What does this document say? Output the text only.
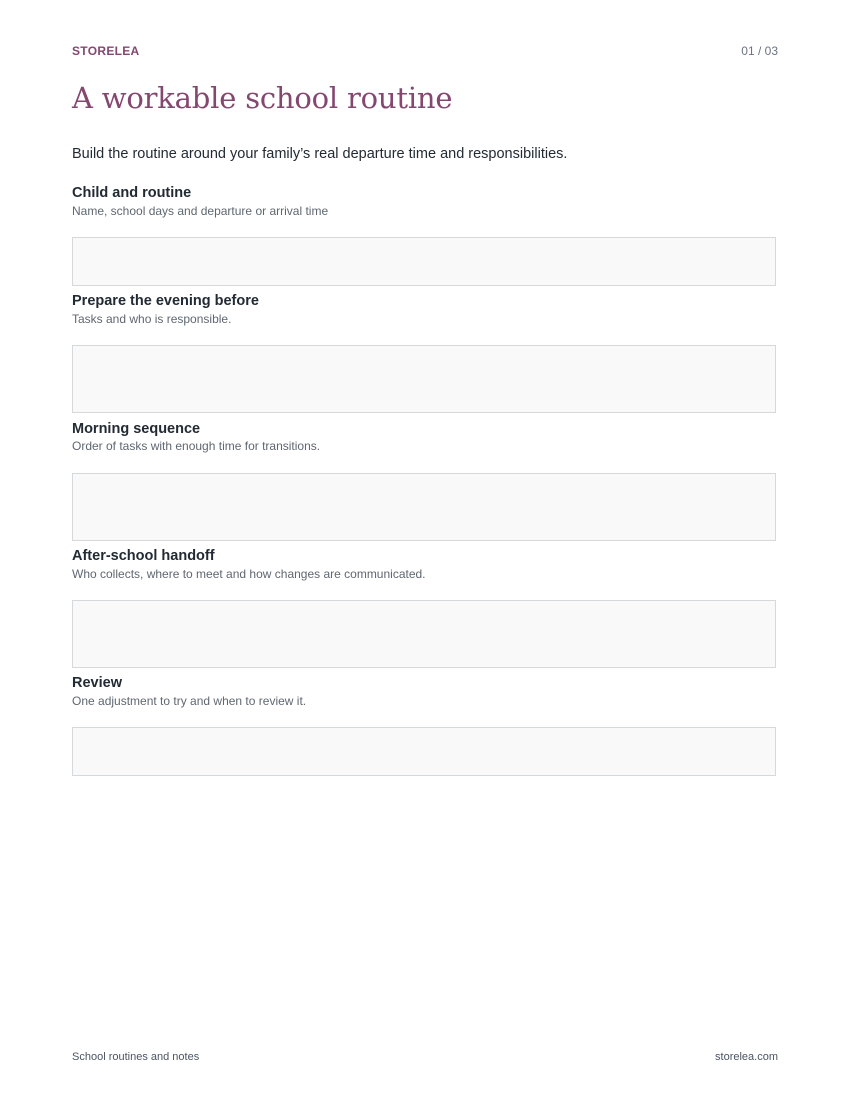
STORELEA	01 / 03
A workable school routine
Build the routine around your family’s real departure time and responsibilities.
Child and routine
Name, school days and departure or arrival time
Prepare the evening before
Tasks and who is responsible.
Morning sequence
Order of tasks with enough time for transitions.
After-school handoff
Who collects, where to meet and how changes are communicated.
Review
One adjustment to try and when to review it.
School routines and notes	storelea.com
